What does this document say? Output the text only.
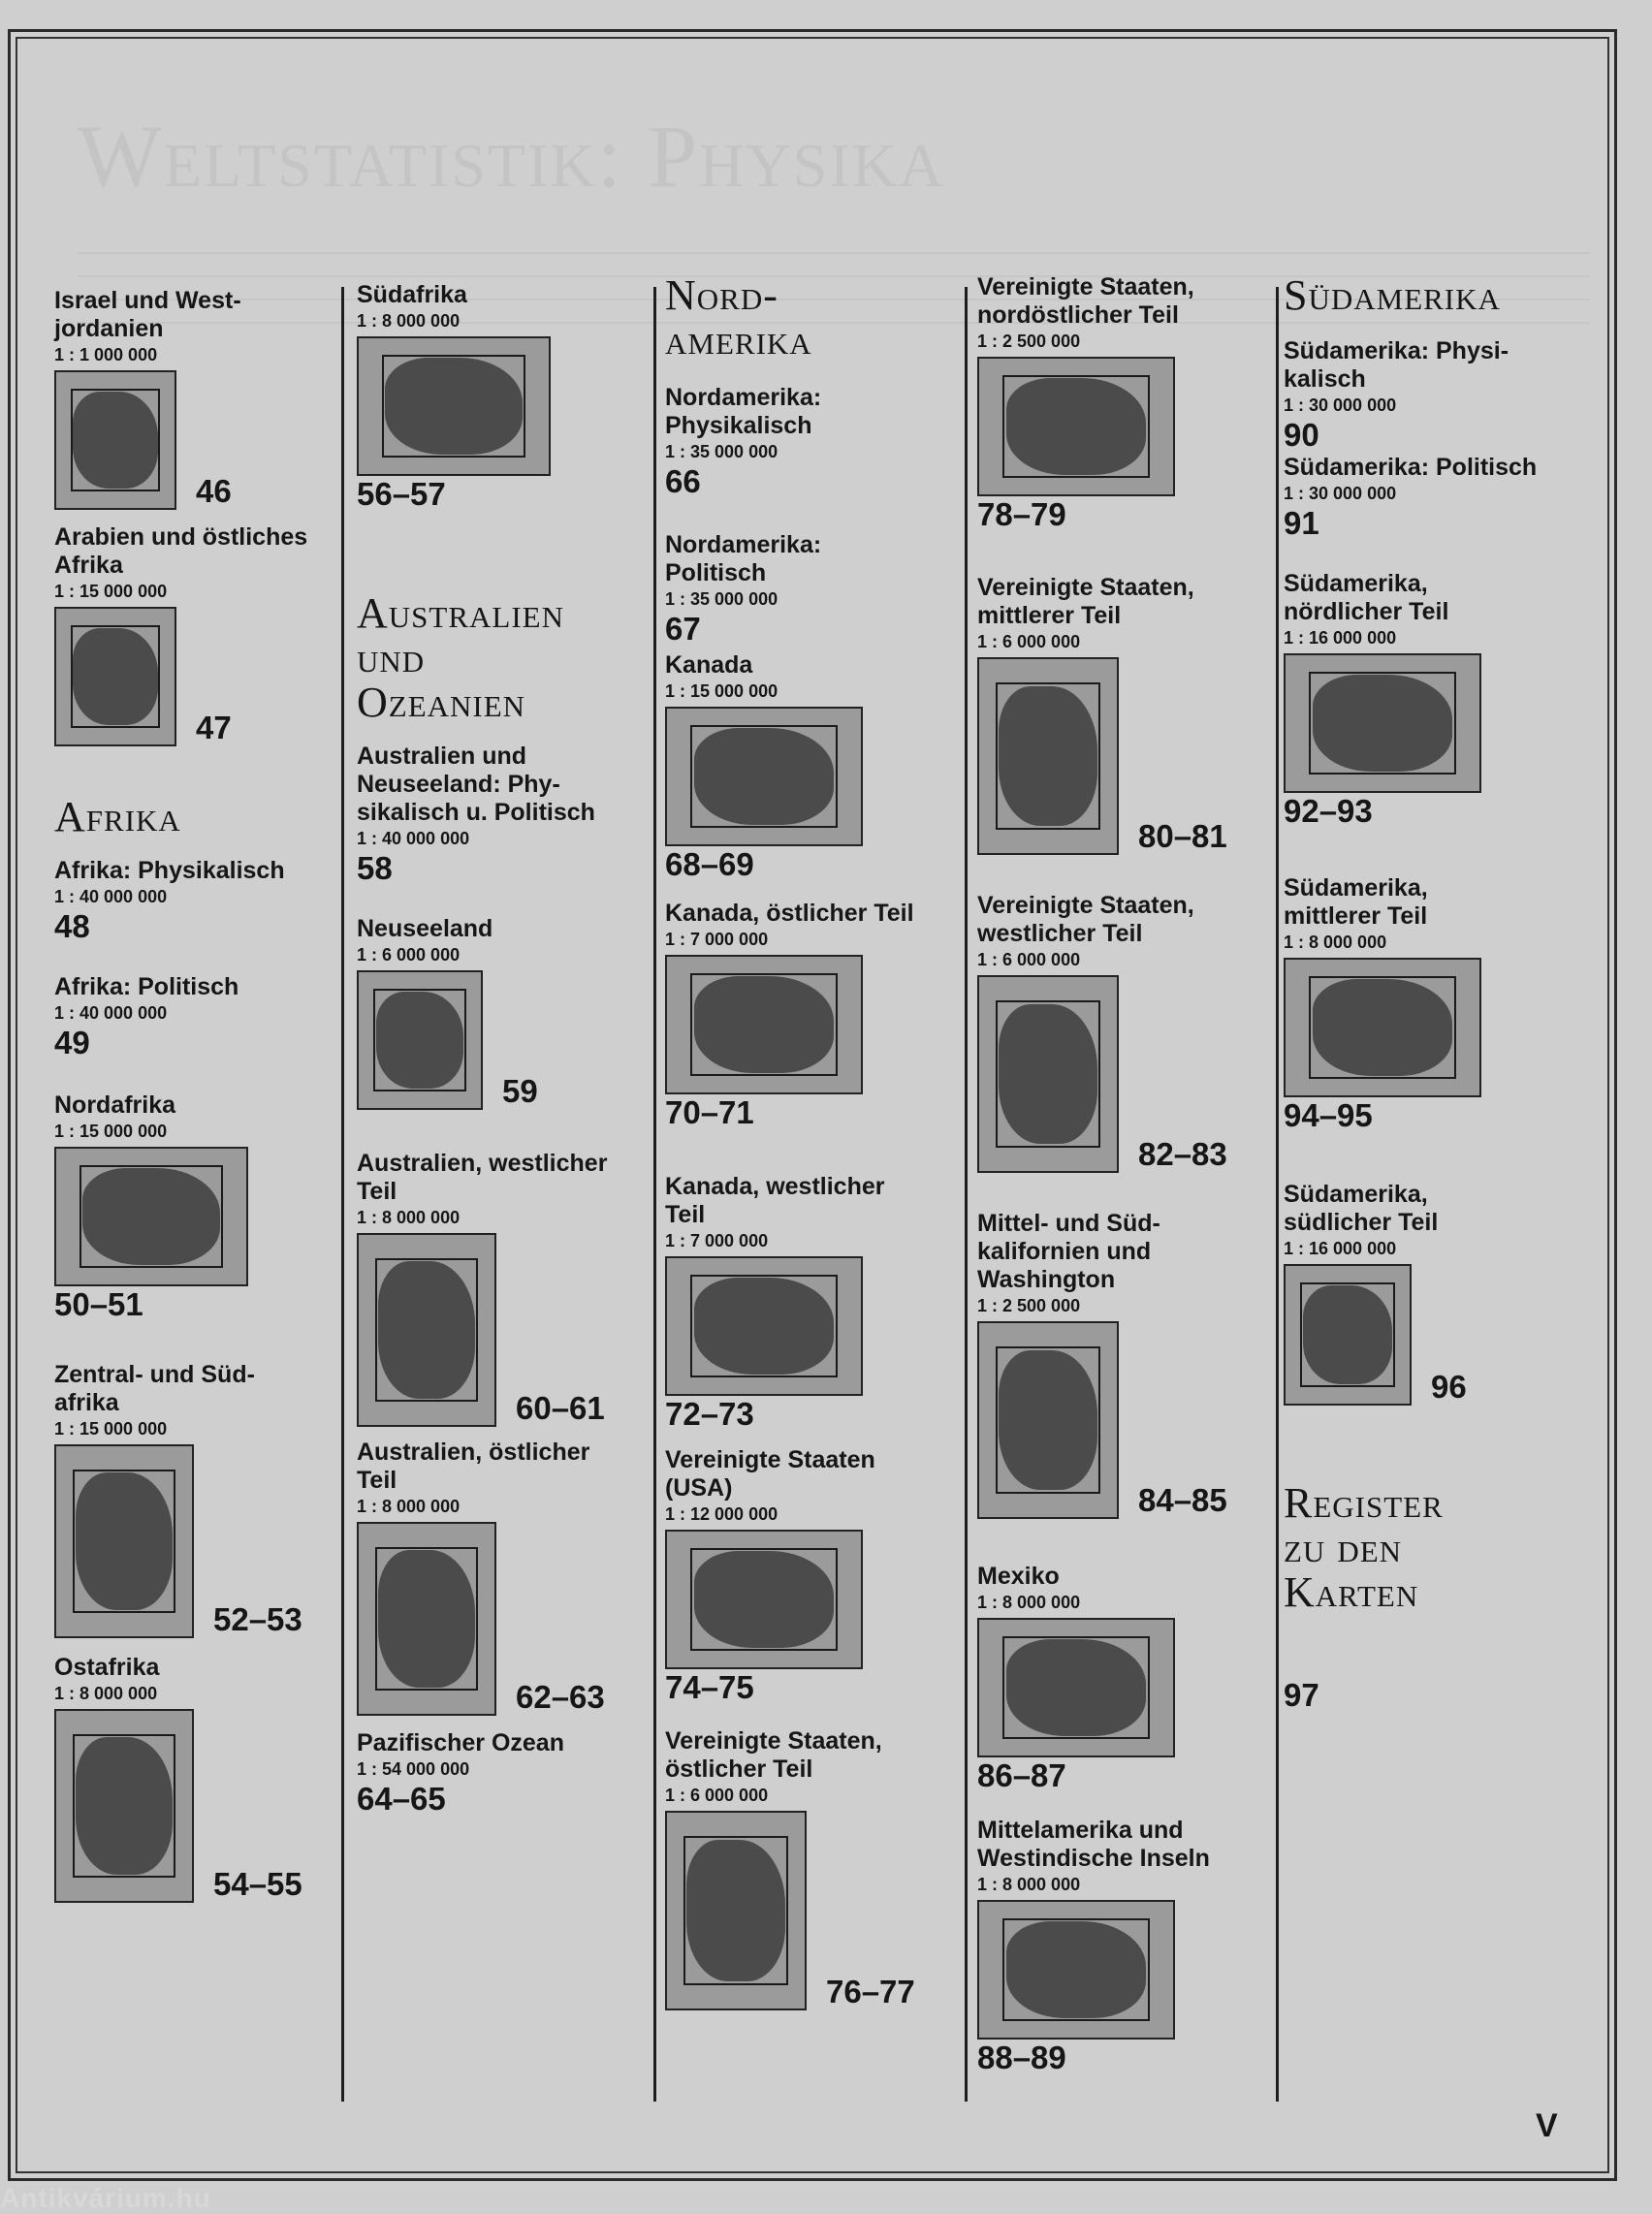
Weltstatistik: Physika
Israel und West-
jordanien
1 : 1 000 000
46
Arabien und östliches
Afrika
1 : 15 000 000
47
Afrika
Afrika: Physikalisch
1 : 40 000 000
48
Afrika: Politisch
1 : 40 000 000
49
Nordafrika
1 : 15 000 000
50–51
Zentral- und Süd-
afrika
1 : 15 000 000
52–53
Ostafrika
1 : 8 000 000
54–55
Südafrika
1 : 8 000 000
56–57
Australien
und
Ozeanien
Australien und
Neuseeland: Phy-
sikalisch u. Politisch
1 : 40 000 000
58
Neuseeland
1 : 6 000 000
59
Australien, westlicher
Teil
1 : 8 000 000
60–61
Australien, östlicher
Teil
1 : 8 000 000
62–63
Pazifischer Ozean
1 : 54 000 000
64–65
Nord-
amerika
Nordamerika:
Physikalisch
1 : 35 000 000
66
Nordamerika:
Politisch
1 : 35 000 000
67
Kanada
1 : 15 000 000
68–69
Kanada, östlicher Teil
1 : 7 000 000
70–71
Kanada, westlicher
Teil
1 : 7 000 000
72–73
Vereinigte Staaten
(USA)
1 : 12 000 000
74–75
Vereinigte Staaten,
östlicher Teil
1 : 6 000 000
76–77
Vereinigte Staaten,
nordöstlicher Teil
1 : 2 500 000
78–79
Vereinigte Staaten,
mittlerer Teil
1 : 6 000 000
80–81
Vereinigte Staaten,
westlicher Teil
1 : 6 000 000
82–83
Mittel- und Süd-
kalifornien und
Washington
1 : 2 500 000
84–85
Mexiko
1 : 8 000 000
86–87
Mittelamerika und
Westindische Inseln
1 : 8 000 000
88–89
Südamerika
Südamerika: Physi-
kalisch
1 : 30 000 000
90
Südamerika: Politisch
1 : 30 000 000
91
Südamerika,
nördlicher Teil
1 : 16 000 000
92–93
Südamerika,
mittlerer Teil
1 : 8 000 000
94–95
Südamerika,
südlicher Teil
1 : 16 000 000
96
Register
zu den
Karten
97
V
Antikvárium.hu
